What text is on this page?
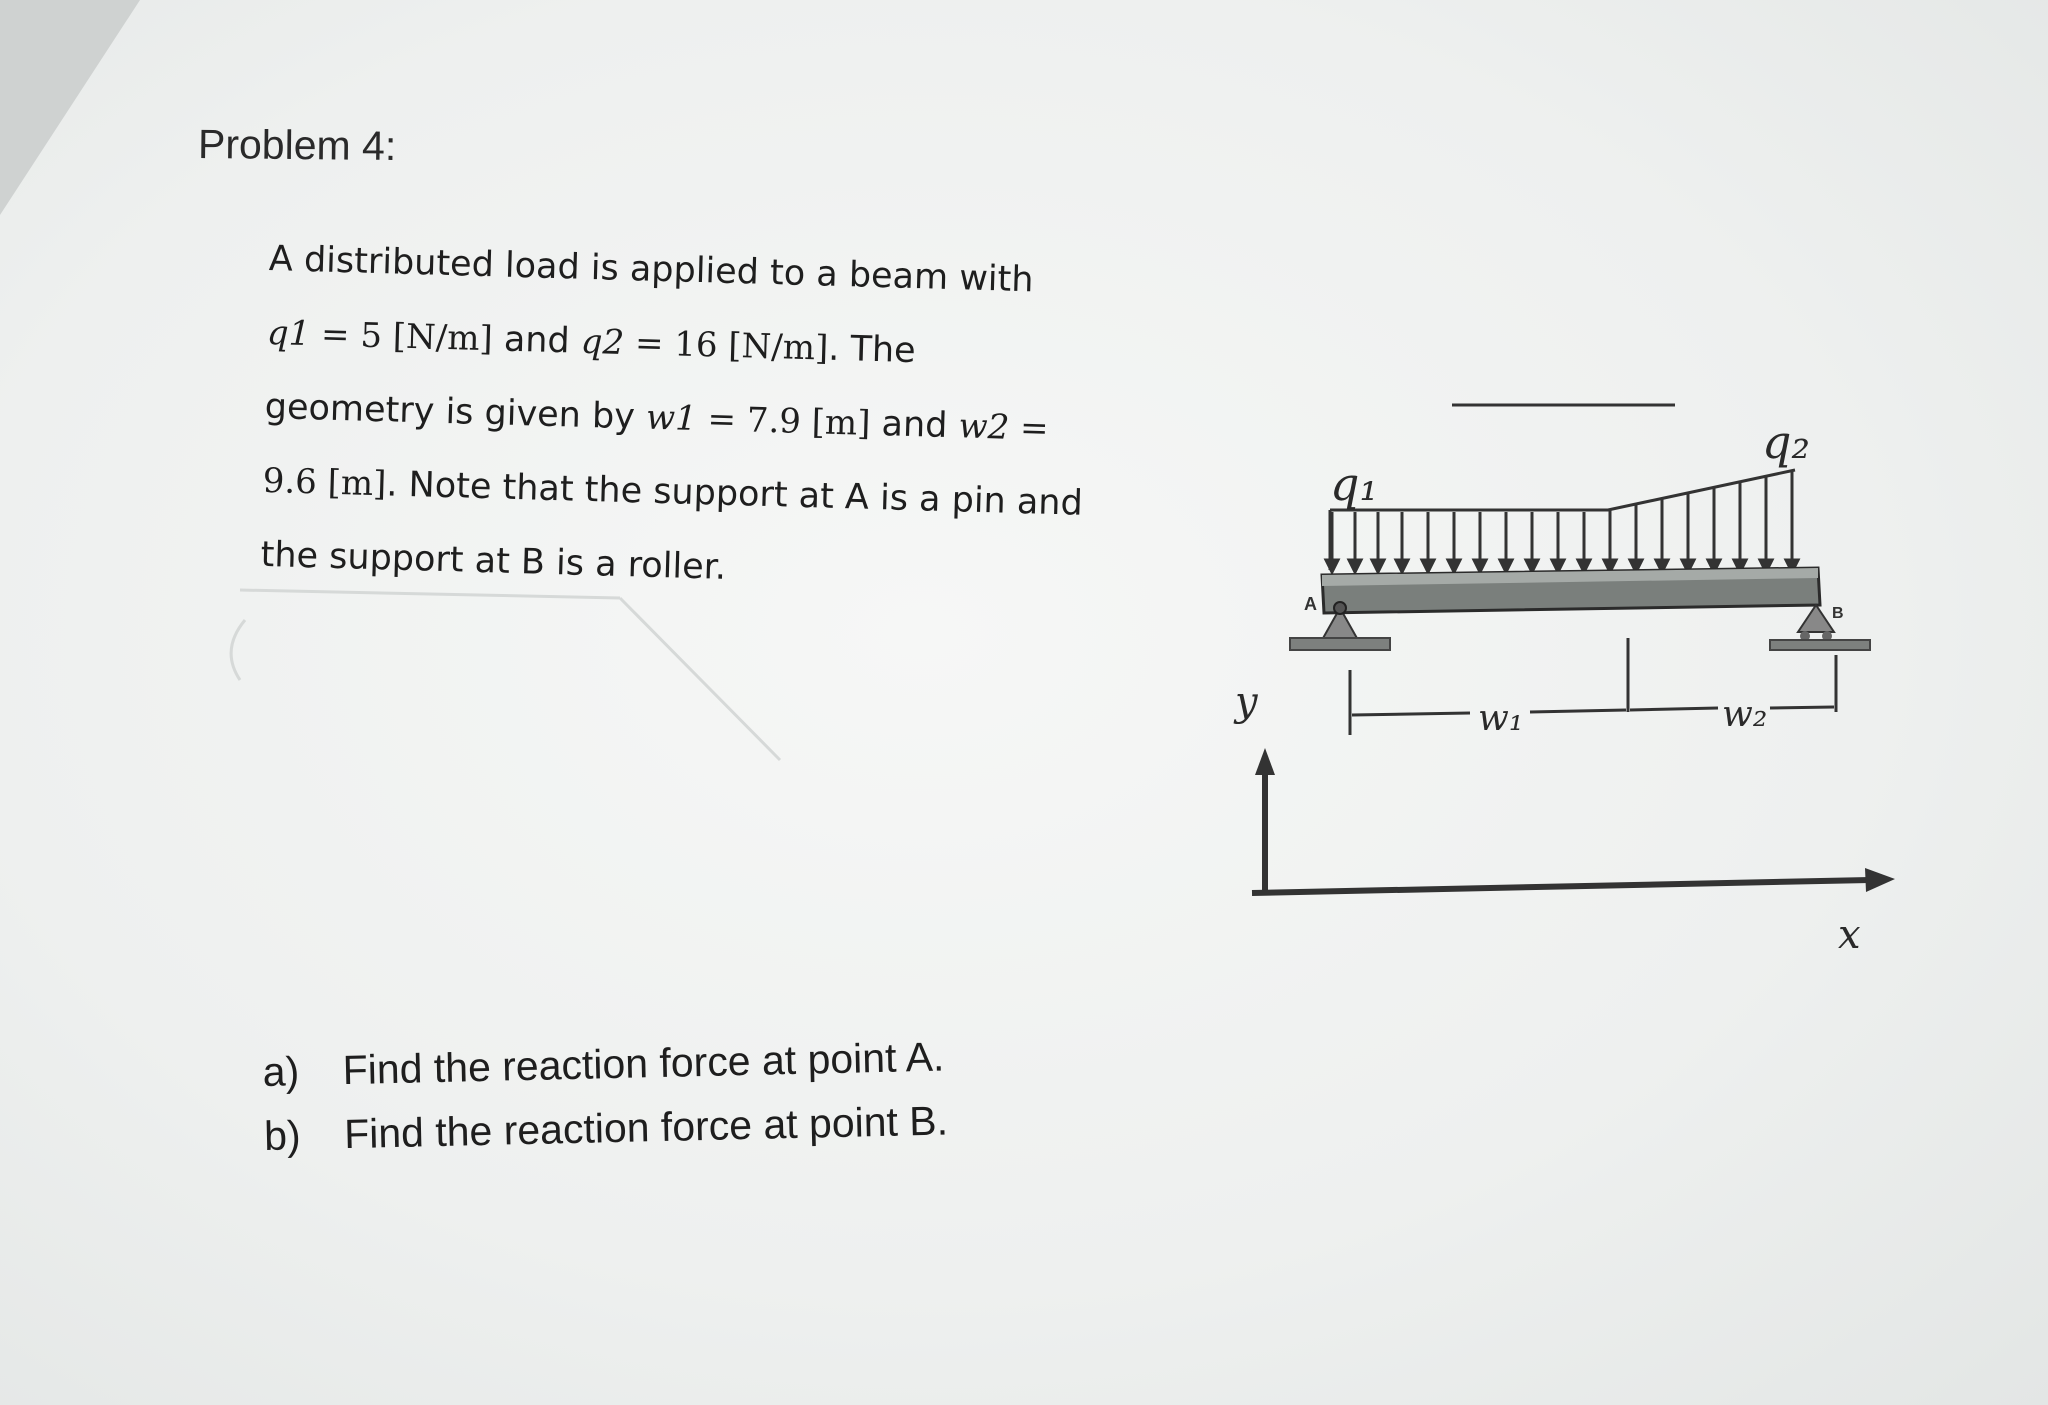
Problem 4:
A distributed load is applied to a beam with
q1 = 5 [N/m] and q2 = 16 [N/m]. The
geometry is given by w1 = 7.9 [m] and w2 =
9.6 [m]. Note that the support at A is a pin and
the support at B is a roller.
q₁
q₂
A	B
w₁	w₂
y
x
a)	Find the reaction force at point A.
b)	Find the reaction force at point B.
